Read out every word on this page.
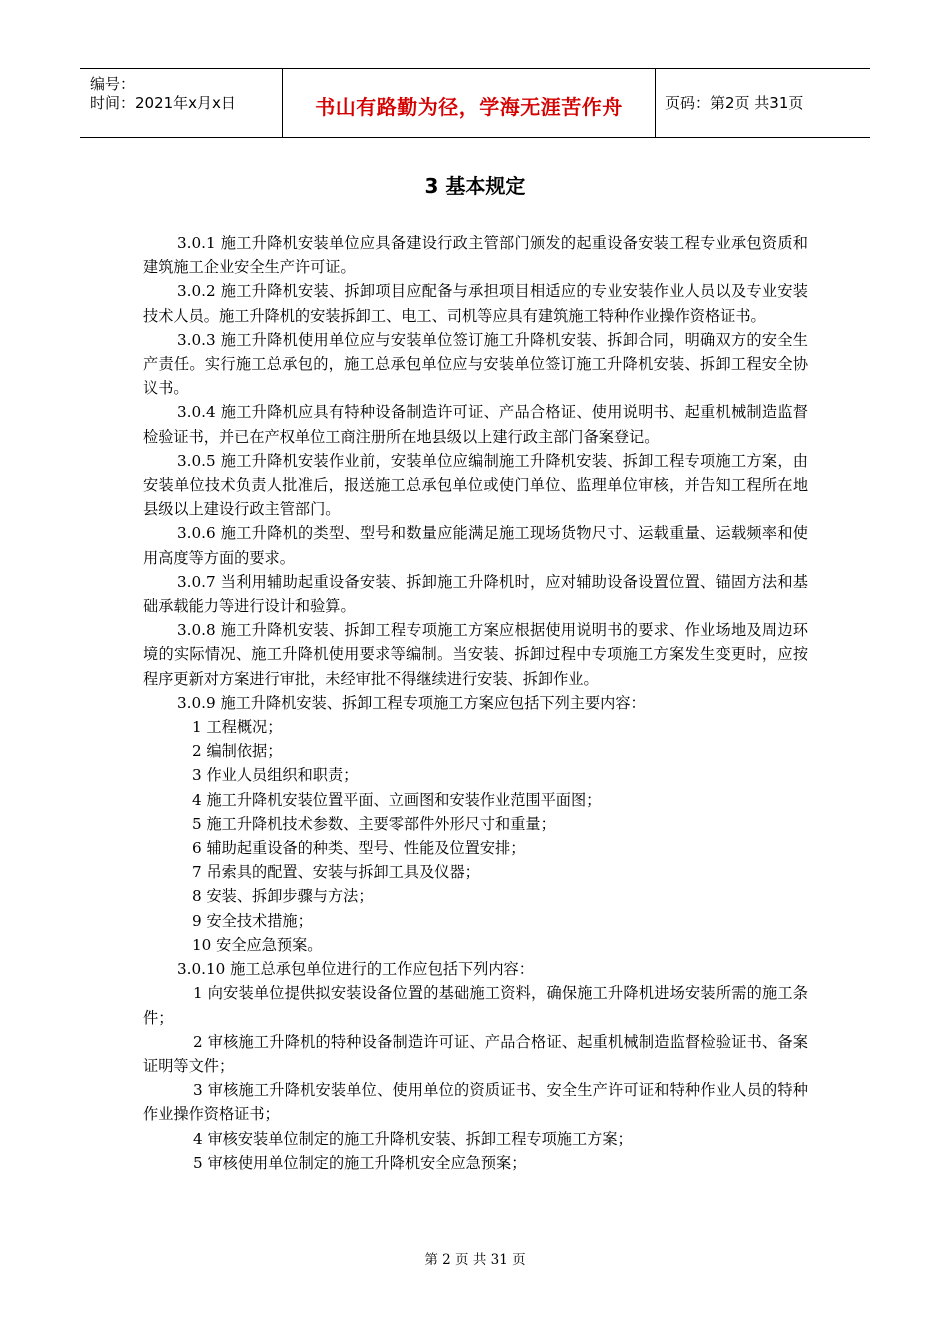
编号：
时间：2021年x月x日	书山有路勤为径，学海无涯苦作舟	页码：第2页 共31页
3 基本规定

3.0.1 施工升降机安装单位应具备建设行政主管部门颁发的起重设备安装工程专业承包资质和建筑施工企业安全生产许可证。

3.0.2 施工升降机安装、拆卸项目应配备与承担项目相适应的专业安装作业人员以及专业安装技术人员。施工升降机的安装拆卸工、电工、司机等应具有建筑施工特种作业操作资格证书。

3.0.3 施工升降机使用单位应与安装单位签订施工升降机安装、拆卸合同，明确双方的安全生产责任。实行施工总承包的，施工总承包单位应与安装单位签订施工升降机安装、拆卸工程安全协议书。

3.0.4 施工升降机应具有特种设备制造许可证、产品合格证、使用说明书、起重机械制造监督检验证书，并已在产权单位工商注册所在地县级以上建行政主部门备案登记。

3.0.5 施工升降机安装作业前，安装单位应编制施工升降机安装、拆卸工程专项施工方案，由安装单位技术负责人批准后，报送施工总承包单位或使门单位、监理单位审核，并告知工程所在地县级以上建设行政主管部门。

3.0.6 施工升降机的类型、型号和数量应能满足施工现场货物尺寸、运载重量、运载频率和使用高度等方面的要求。

3.0.7 当利用辅助起重设备安装、拆卸施工升降机时，应对辅助设备设置位置、锚固方法和基础承载能力等进行设计和验算。

3.0.8 施工升降机安装、拆卸工程专项施工方案应根据使用说明书的要求、作业场地及周边环境的实际情况、施工升降机使用要求等编制。当安装、拆卸过程中专项施工方案发生变更时，应按程序更新对方案进行审批，未经审批不得继续进行安装、拆卸作业。

3.0.9 施工升降机安装、拆卸工程专项施工方案应包括下列主要内容：

1 工程概况；

2 编制依据；

3 作业人员组织和职责；

4 施工升降机安装位置平面、立画图和安装作业范围平面图；

5 施工升降机技术参数、主要零部件外形尺寸和重量；

6 辅助起重设备的种类、型号、性能及位置安排；

7 吊索具的配置、安装与拆卸工具及仪器；

8 安装、拆卸步骤与方法；

9 安全技术措施；

10 安全应急预案。

3.0.10 施工总承包单位进行的工作应包括下列内容：

1 向安装单位提供拟安装设备位置的基础施工资料，确保施工升降机进场安装所需的施工条件；

2 审核施工升降机的特种设备制造许可证、产品合格证、起重机械制造监督检验证书、备案证明等文件；

3 审核施工升降机安装单位、使用单位的资质证书、安全生产许可证和特种作业人员的特种作业操作资格证书；

4 审核安装单位制定的施工升降机安装、拆卸工程专项施工方案；

5 审核使用单位制定的施工升降机安全应急预案；

第 2 页 共 31 页
